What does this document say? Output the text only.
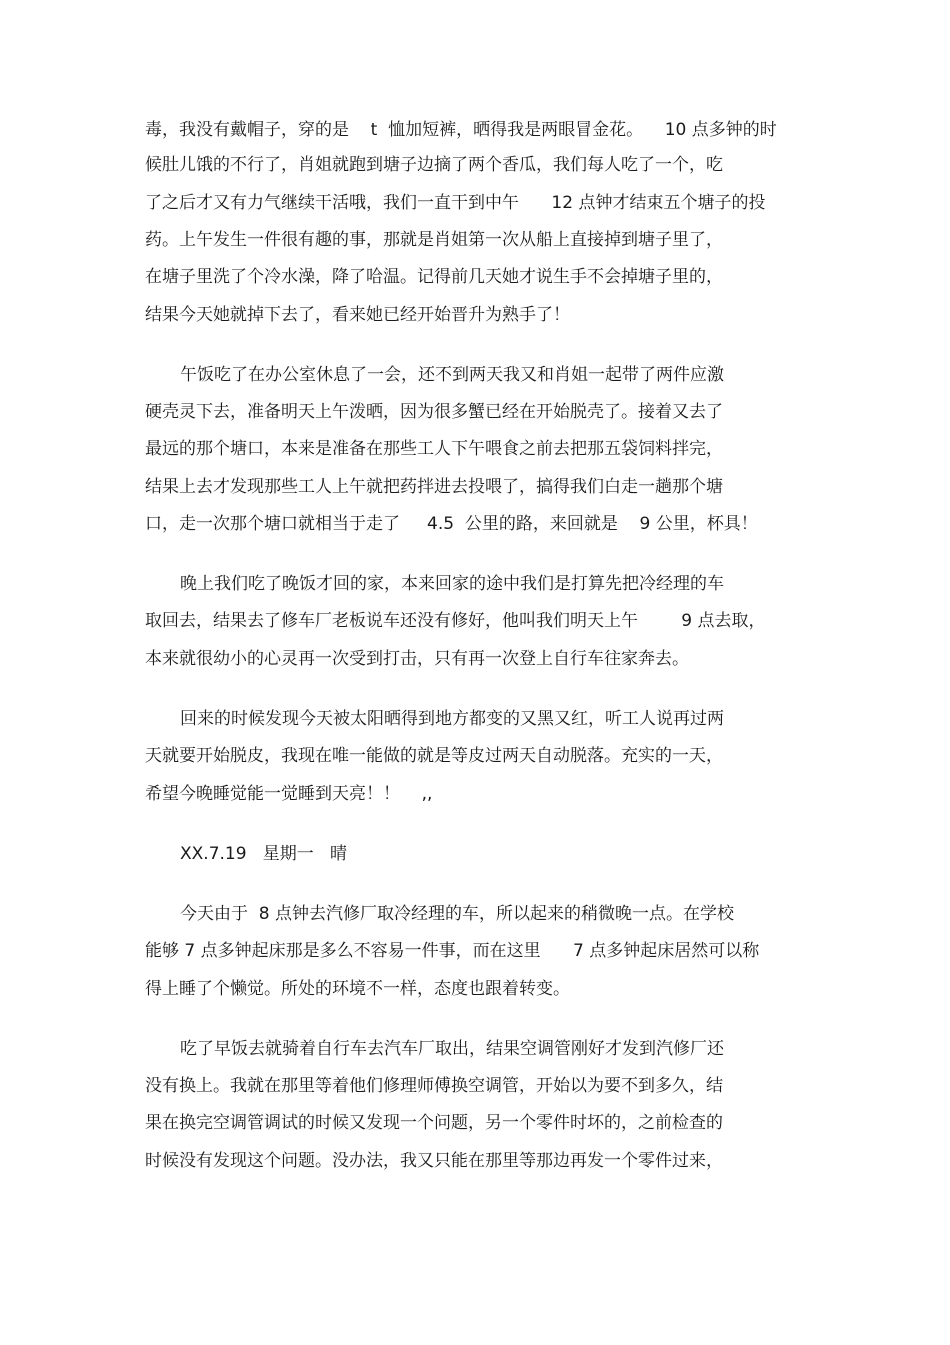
毒，我没有戴帽子，穿的是    t  恤加短裤，晒得我是两眼冒金花。    10 点多钟的时
候肚儿饿的不行了，肖姐就跑到塘子边摘了两个香瓜，我们每人吃了一个，吃
了之后才又有力气继续干活哦，我们一直干到中午      12 点钟才结束五个塘子的投
药。上午发生一件很有趣的事，那就是肖姐第一次从船上直接掉到塘子里了，
在塘子里洗了个冷水澡，降了哈温。记得前几天她才说生手不会掉塘子里的，
结果今天她就掉下去了，看来她已经开始晋升为熟手了！
午饭吃了在办公室休息了一会，还不到两天我又和肖姐一起带了两件应激
硬壳灵下去，准备明天上午泼晒，因为很多蟹已经在开始脱壳了。接着又去了
最远的那个塘口，本来是准备在那些工人下午喂食之前去把那五袋饲料拌完，
结果上去才发现那些工人上午就把药拌进去投喂了，搞得我们白走一趟那个塘
口，走一次那个塘口就相当于走了     4.5  公里的路，来回就是    9 公里，杯具！
晚上我们吃了晚饭才回的家，本来回家的途中我们是打算先把冷经理的车
取回去，结果去了修车厂老板说车还没有修好，他叫我们明天上午        9 点去取，
本来就很幼小的心灵再一次受到打击，只有再一次登上自行车往家奔去。
回来的时候发现今天被太阳晒得到地方都变的又黑又红，听工人说再过两
天就要开始脱皮，我现在唯一能做的就是等皮过两天自动脱落。充实的一天，
希望今晚睡觉能一觉睡到天亮！！    ,,
XX.7.19   星期一   晴
今天由于  8 点钟去汽修厂取冷经理的车，所以起来的稍微晚一点。在学校
能够 7 点多钟起床那是多么不容易一件事，而在这里      7 点多钟起床居然可以称
得上睡了个懒觉。所处的环境不一样，态度也跟着转变。
吃了早饭去就骑着自行车去汽车厂取出，结果空调管刚好才发到汽修厂还
没有换上。我就在那里等着他们修理师傅换空调管，开始以为要不到多久，结
果在换完空调管调试的时候又发现一个问题，另一个零件时坏的，之前检查的
时候没有发现这个问题。没办法，我又只能在那里等那边再发一个零件过来，
